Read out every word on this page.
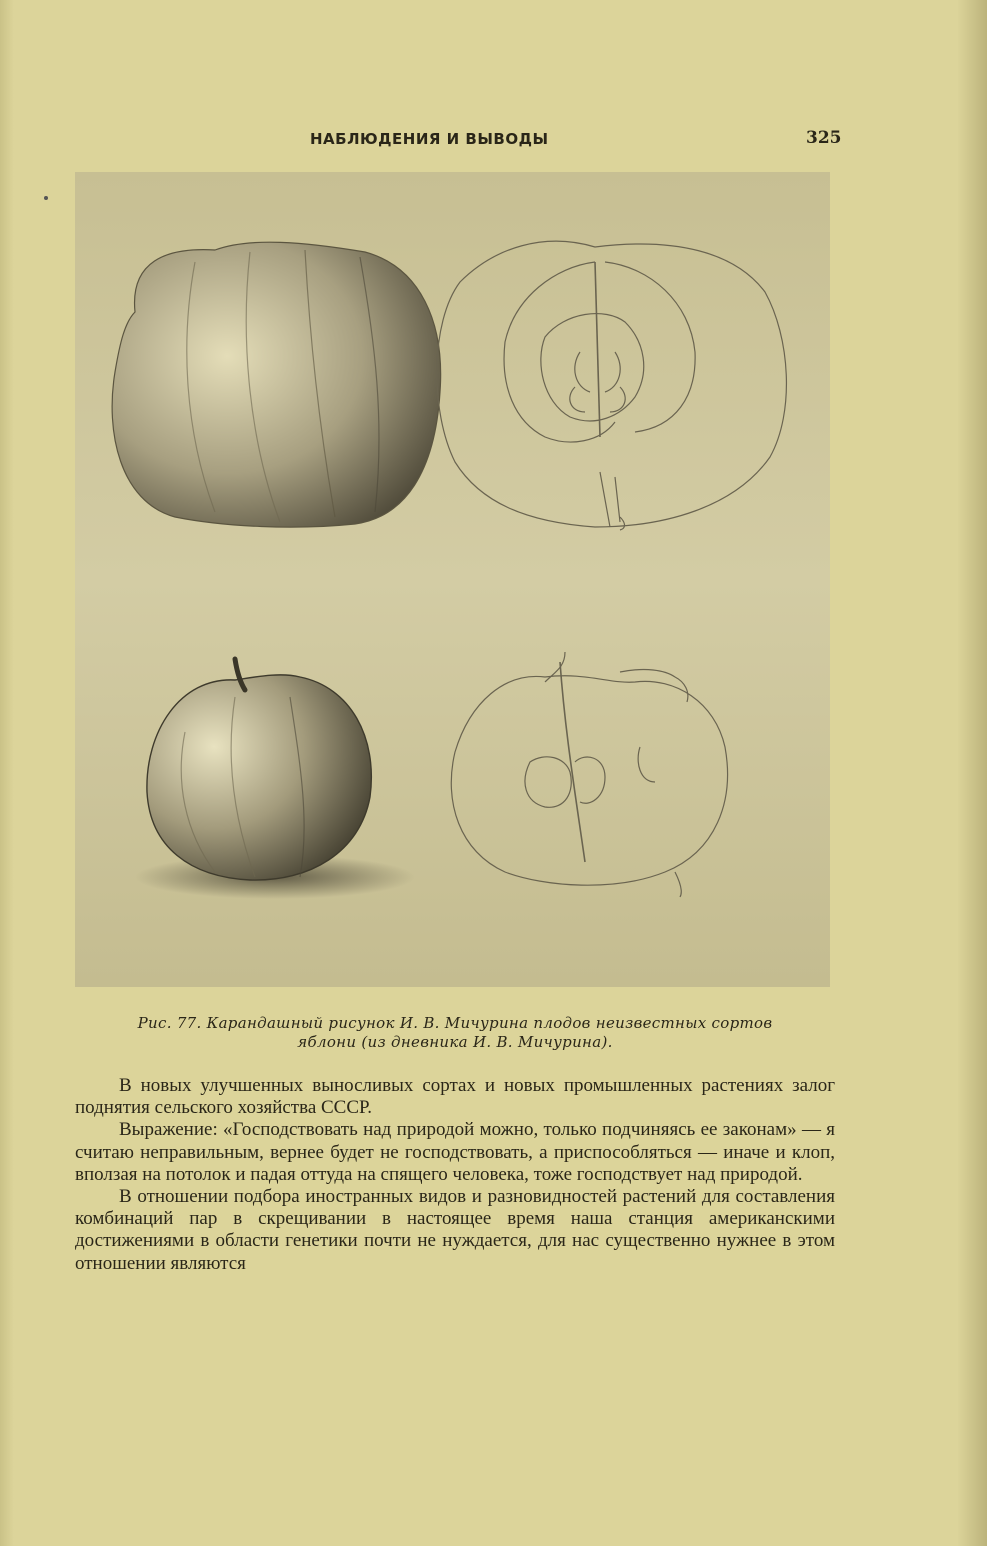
НАБЛЮДЕНИЯ И ВЫВОДЫ	325
Рис. 77. Карандашный рисунок И. В. Мичурина плодов неизвестных сортов
яблони (из дневника И. В. Мичурина).

В новых улучшенных выносливых сортах и новых промышленных растениях залог поднятия сельского хозяйства СССР.

Выражение: «Господствовать над природой можно, только подчиняясь ее законам» — я считаю неправильным, вернее будет не господствовать, а приспособляться — иначе и клоп, вползая на потолок и падая оттуда на спящего человека, тоже господствует над природой.

В отношении подбора иностранных видов и разновидностей растений для составления комбинаций пар в скрещивании в настоящее время наша станция американскими достижениями в области генетики почти не нуждается, для нас существенно нужнее в этом отношении являются
